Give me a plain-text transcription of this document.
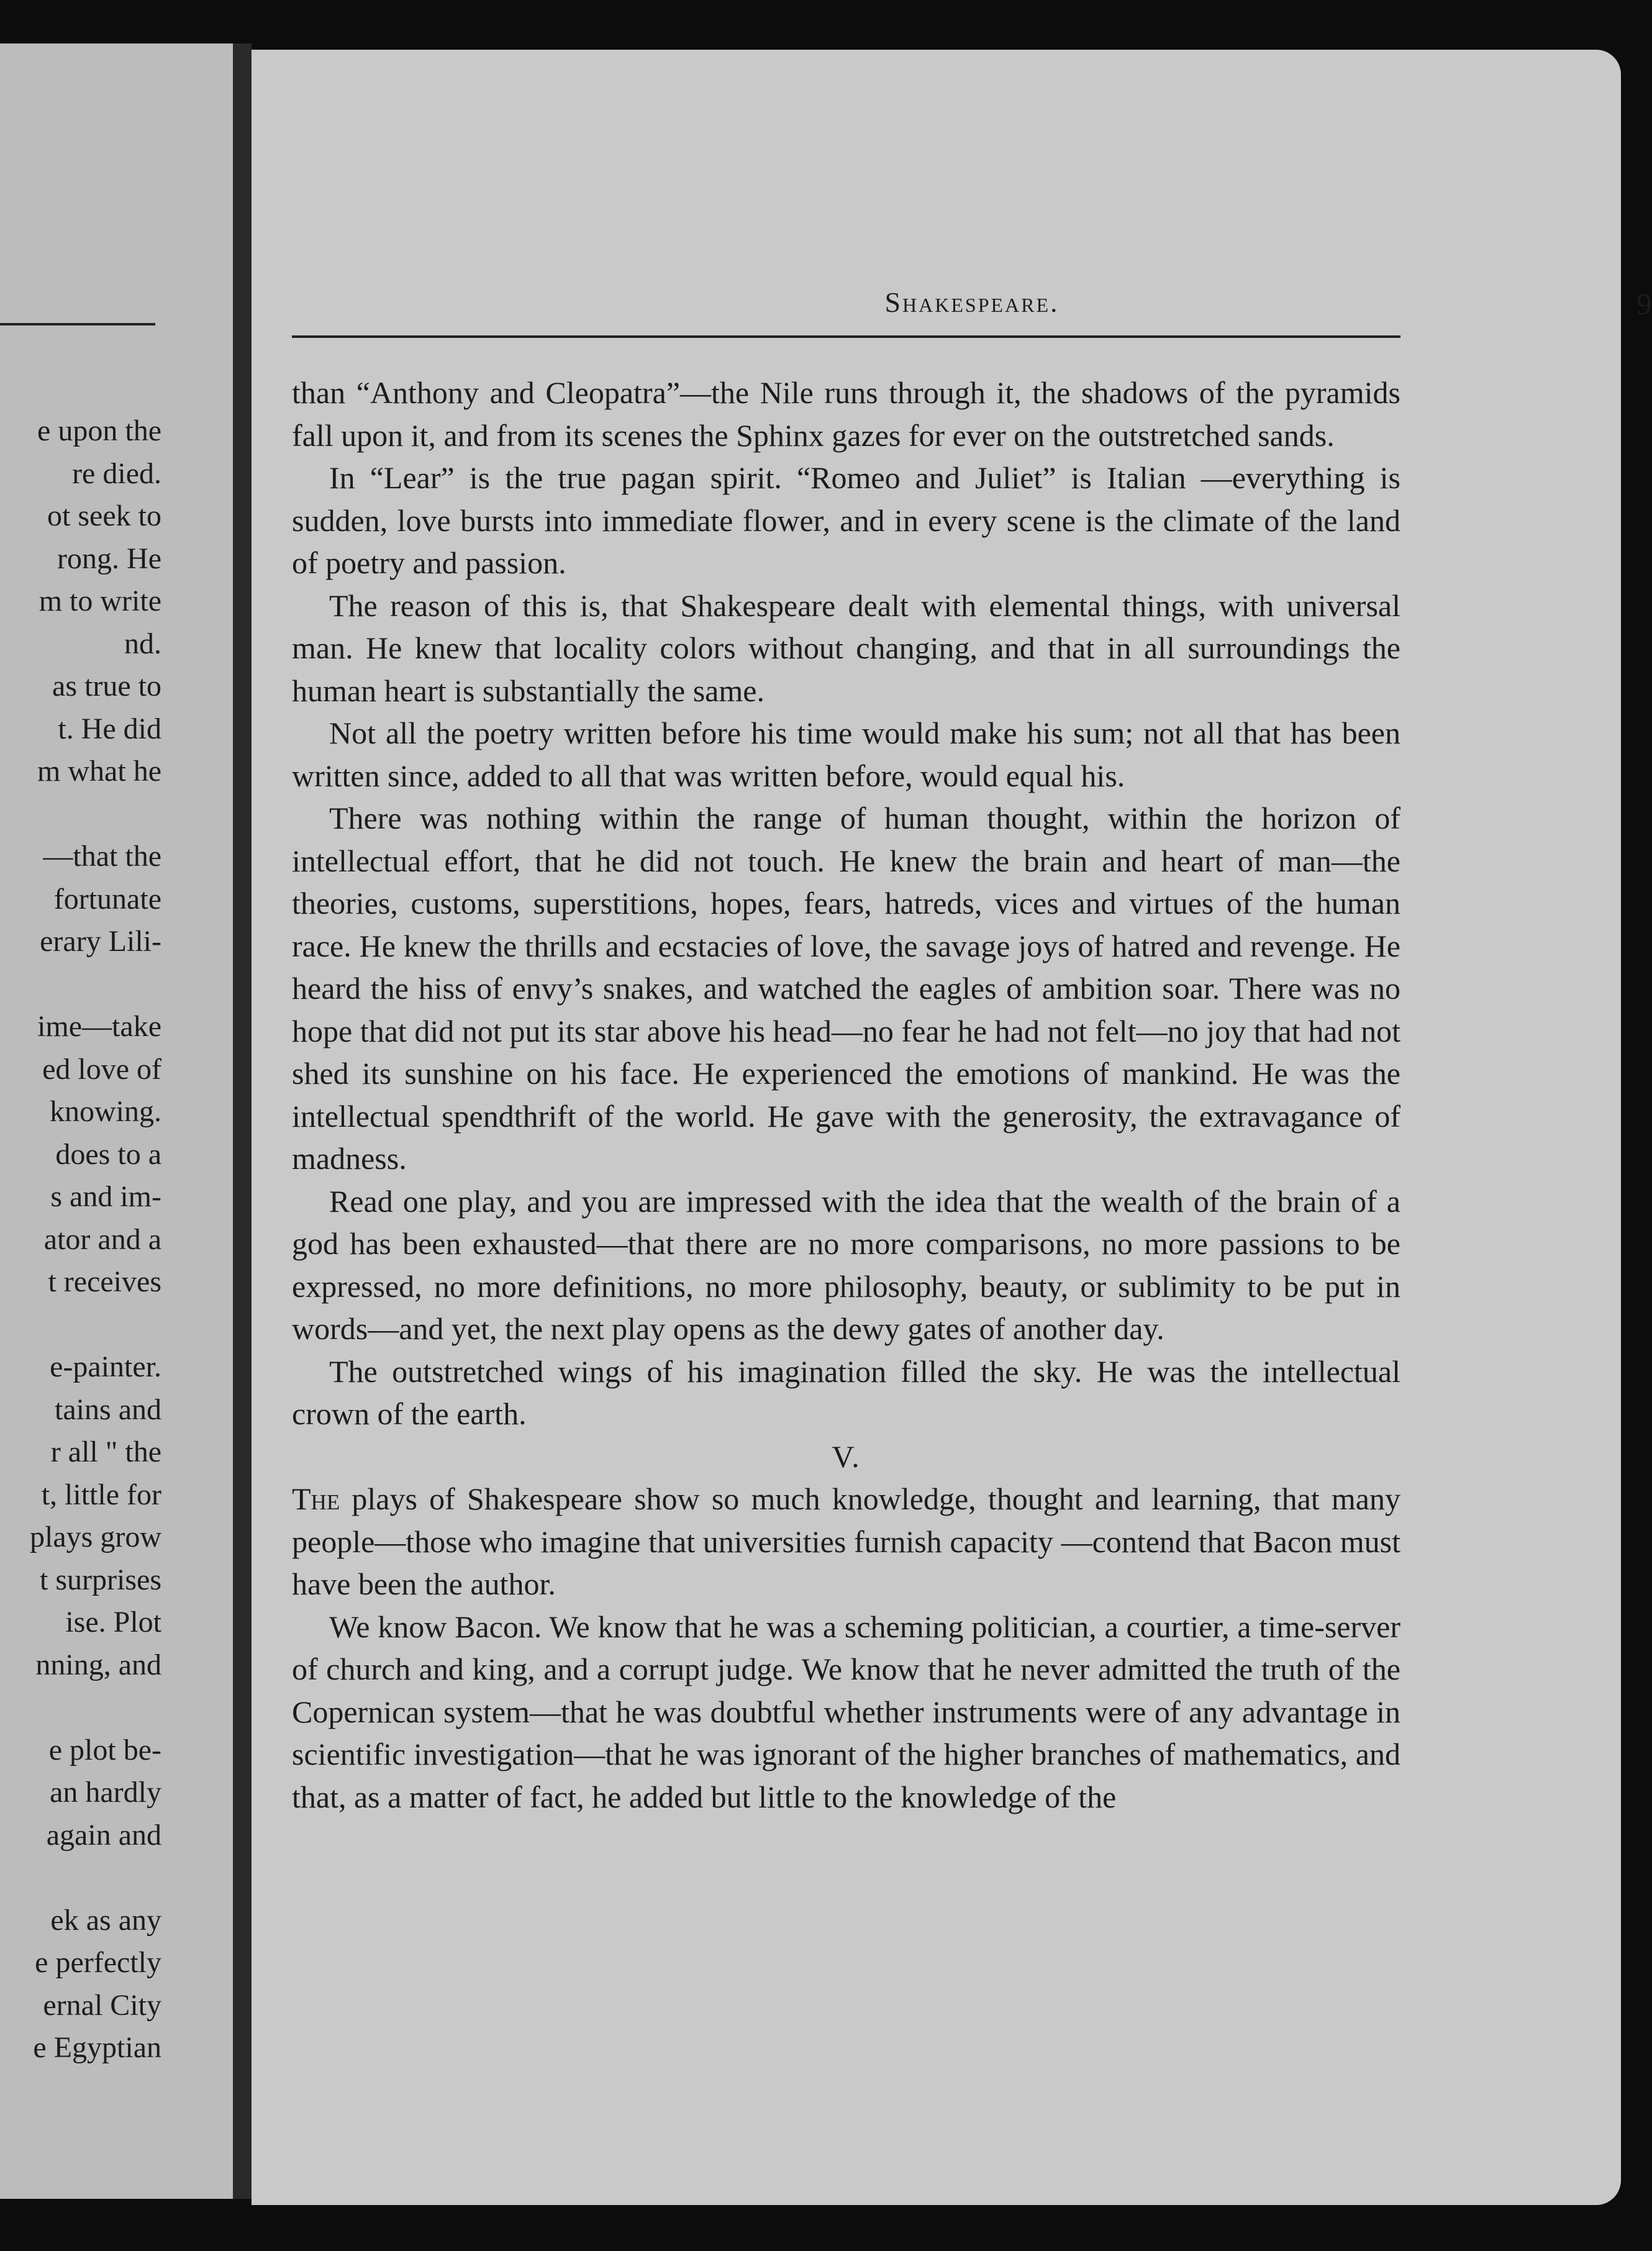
e upon the
re died.
ot seek to
rong. He
m to write
nd.
as true to
t. He did
m what he
—that the
fortunate
erary Lili-
ime—take
ed love of
knowing.
does to a
s and im-
ator and a
t receives
e-painter.
tains and
r all " the
t, little for
plays grow
t surprises
ise. Plot
nning, and
e plot be-
an hardly
again and
ek as any
e perfectly
ernal City
e Egyptian
Shakespeare.	9

than “Anthony and Cleopatra”—the Nile runs through it, the shadows of the pyramids fall upon it, and from its scenes the Sphinx gazes for ever on the outstretched sands.

In “Lear” is the true pagan spirit. “Romeo and Juliet” is Italian —everything is sudden, love bursts into immediate flower, and in every scene is the climate of the land of poetry and passion.

The reason of this is, that Shakespeare dealt with elemental things, with universal man. He knew that locality colors without changing, and that in all surroundings the human heart is substantially the same.

Not all the poetry written before his time would make his sum; not all that has been written since, added to all that was written before, would equal his.

There was nothing within the range of human thought, within the horizon of intellectual effort, that he did not touch. He knew the brain and heart of man—the theories, customs, superstitions, hopes, fears, hatreds, vices and virtues of the human race. He knew the thrills and ecstacies of love, the savage joys of hatred and revenge. He heard the hiss of envy’s snakes, and watched the eagles of ambition soar. There was no hope that did not put its star above his head—no fear he had not felt—no joy that had not shed its sunshine on his face. He experienced the emotions of mankind. He was the intellectual spendthrift of the world. He gave with the generosity, the extravagance of madness.

Read one play, and you are impressed with the idea that the wealth of the brain of a god has been exhausted—that there are no more comparisons, no more passions to be expressed, no more definitions, no more philosophy, beauty, or sublimity to be put in words—and yet, the next play opens as the dewy gates of another day.

The outstretched wings of his imagination filled the sky. He was the intellectual crown of the earth.

V.

The plays of Shakespeare show so much knowledge, thought and learning, that many people—those who imagine that universities furnish capacity —contend that Bacon must have been the author.

We know Bacon. We know that he was a scheming politician, a courtier, a time-server of church and king, and a corrupt judge. We know that he never admitted the truth of the Copernican system—that he was doubtful whether instruments were of any advantage in scientific investigation—that he was ignorant of the higher branches of mathematics, and that, as a matter of fact, he added but little to the knowledge of the
